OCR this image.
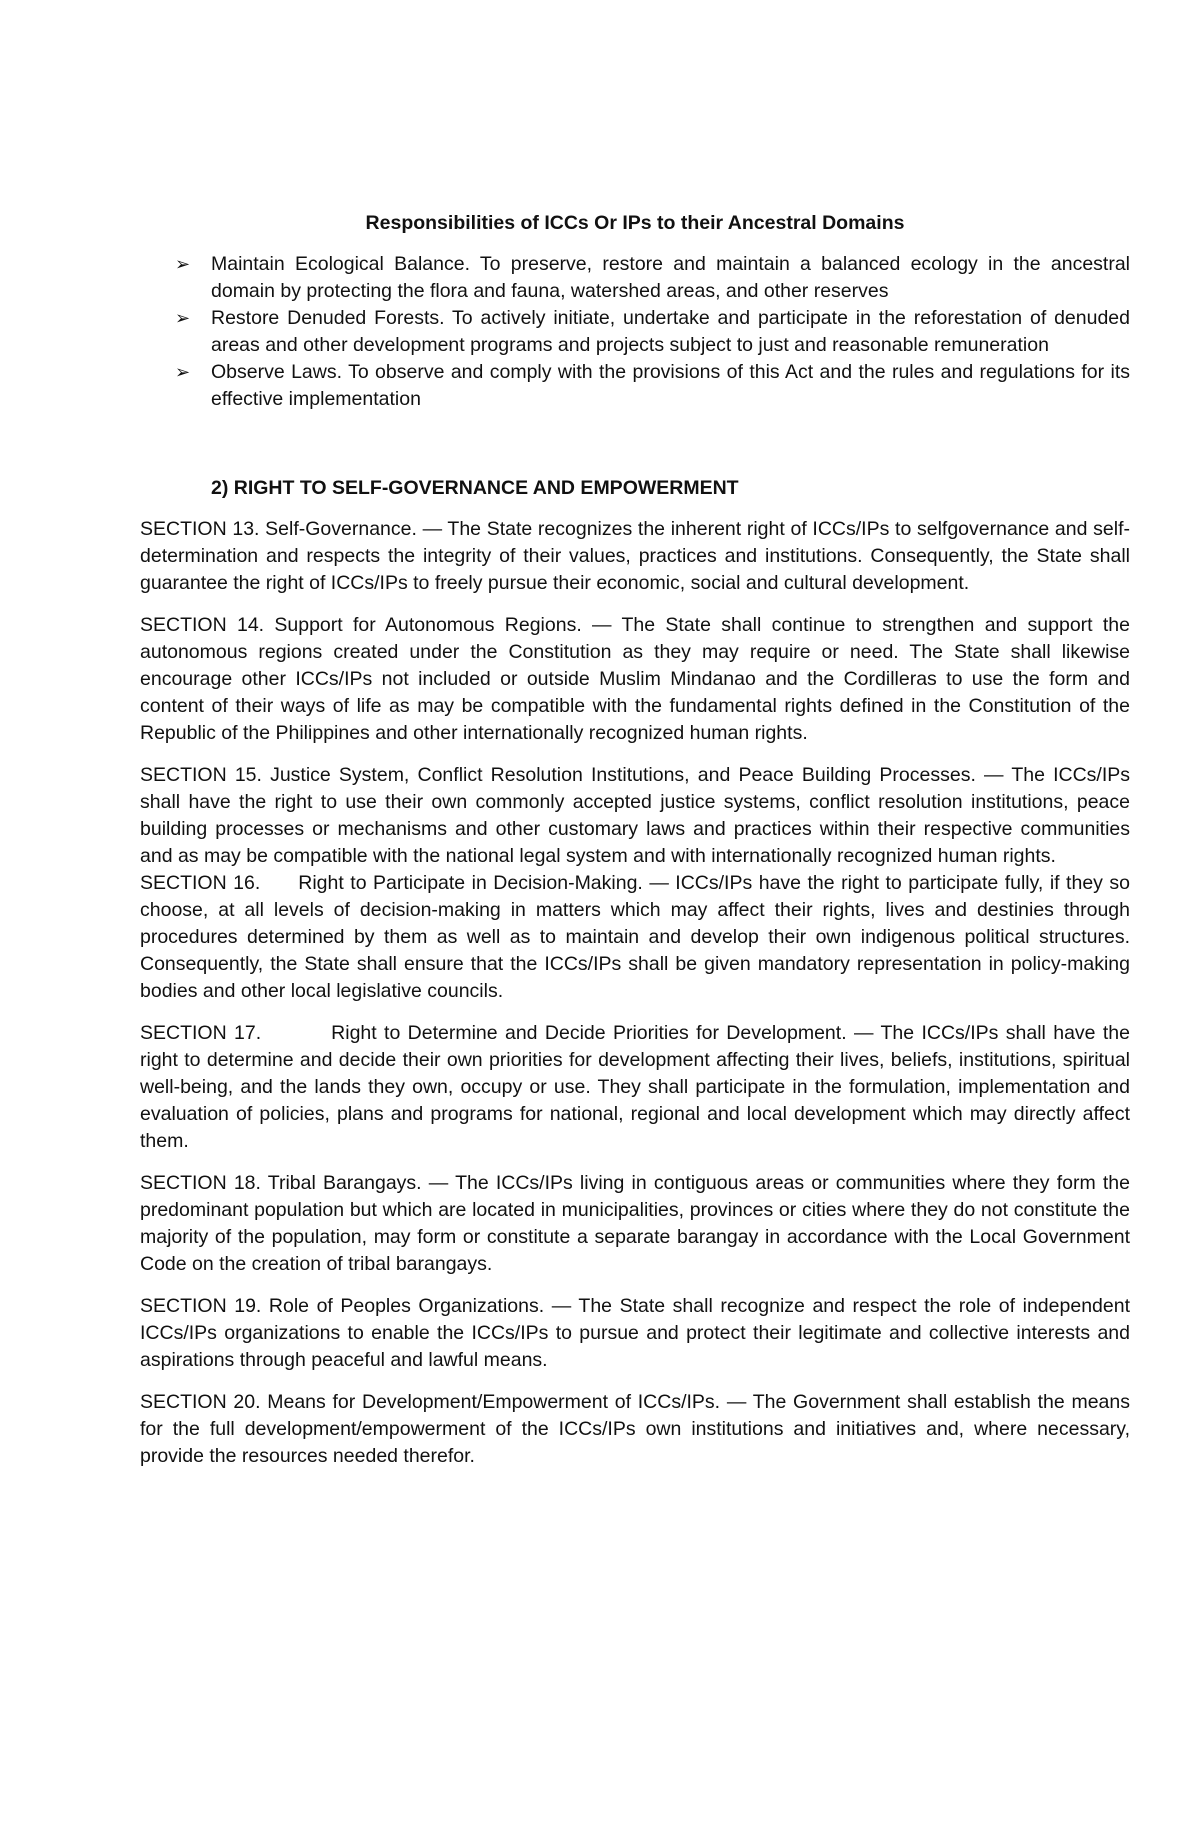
Responsibilities of ICCs Or IPs to their Ancestral Domains
➢ Maintain Ecological Balance. To preserve, restore and maintain a balanced ecology in the ancestral domain by protecting the flora and fauna, watershed areas, and other reserves
➢ Restore Denuded Forests. To actively initiate, undertake and participate in the reforestation of denuded areas and other development programs and projects subject to just and reasonable remuneration
➢ Observe Laws. To observe and comply with the provisions of this Act and the rules and regulations for its effective implementation
2) RIGHT TO SELF-GOVERNANCE AND EMPOWERMENT

SECTION 13. Self-Governance. — The State recognizes the inherent right of ICCs/IPs to selfgovernance and self-determination and respects the integrity of their values, practices and institutions. Consequently, the State shall guarantee the right of ICCs/IPs to freely pursue their economic, social and cultural development.

SECTION 14. Support for Autonomous Regions. — The State shall continue to strengthen and support the autonomous regions created under the Constitution as they may require or need. The State shall likewise encourage other ICCs/IPs not included or outside Muslim Mindanao and the Cordilleras to use the form and content of their ways of life as may be compatible with the fundamental rights defined in the Constitution of the Republic of the Philippines and other internationally recognized human rights.

SECTION 15. Justice System, Conflict Resolution Institutions, and Peace Building Processes. — The ICCs/IPs shall have the right to use their own commonly accepted justice systems, conflict resolution institutions, peace building processes or mechanisms and other customary laws and practices within their respective communities and as may be compatible with the national legal system and with internationally recognized human rights.

SECTION 16. Right to Participate in Decision-Making. — ICCs/IPs have the right to participate fully, if they so choose, at all levels of decision-making in matters which may affect their rights, lives and destinies through procedures determined by them as well as to maintain and develop their own indigenous political structures. Consequently, the State shall ensure that the ICCs/IPs shall be given mandatory representation in policy-making bodies and other local legislative councils.

SECTION 17.	Right to Determine and Decide Priorities for Development. — The ICCs/IPs shall have the right to determine and decide their own priorities for development affecting their lives, beliefs, institutions, spiritual well-being, and the lands they own, occupy or use. They shall participate in the formulation, implementation and evaluation of policies, plans and programs for national, regional and local development which may directly affect them.

SECTION 18. Tribal Barangays. — The ICCs/IPs living in contiguous areas or communities where they form the predominant population but which are located in municipalities, provinces or cities where they do not constitute the majority of the population, may form or constitute a separate barangay in accordance with the Local Government Code on the creation of tribal barangays.

SECTION 19. Role of Peoples Organizations. — The State shall recognize and respect the role of independent ICCs/IPs organizations to enable the ICCs/IPs to pursue and protect their legitimate and collective interests and aspirations through peaceful and lawful means.

SECTION 20. Means for Development/Empowerment of ICCs/IPs. — The Government shall establish the means for the full development/empowerment of the ICCs/IPs own institutions and initiatives and, where necessary, provide the resources needed therefor.
